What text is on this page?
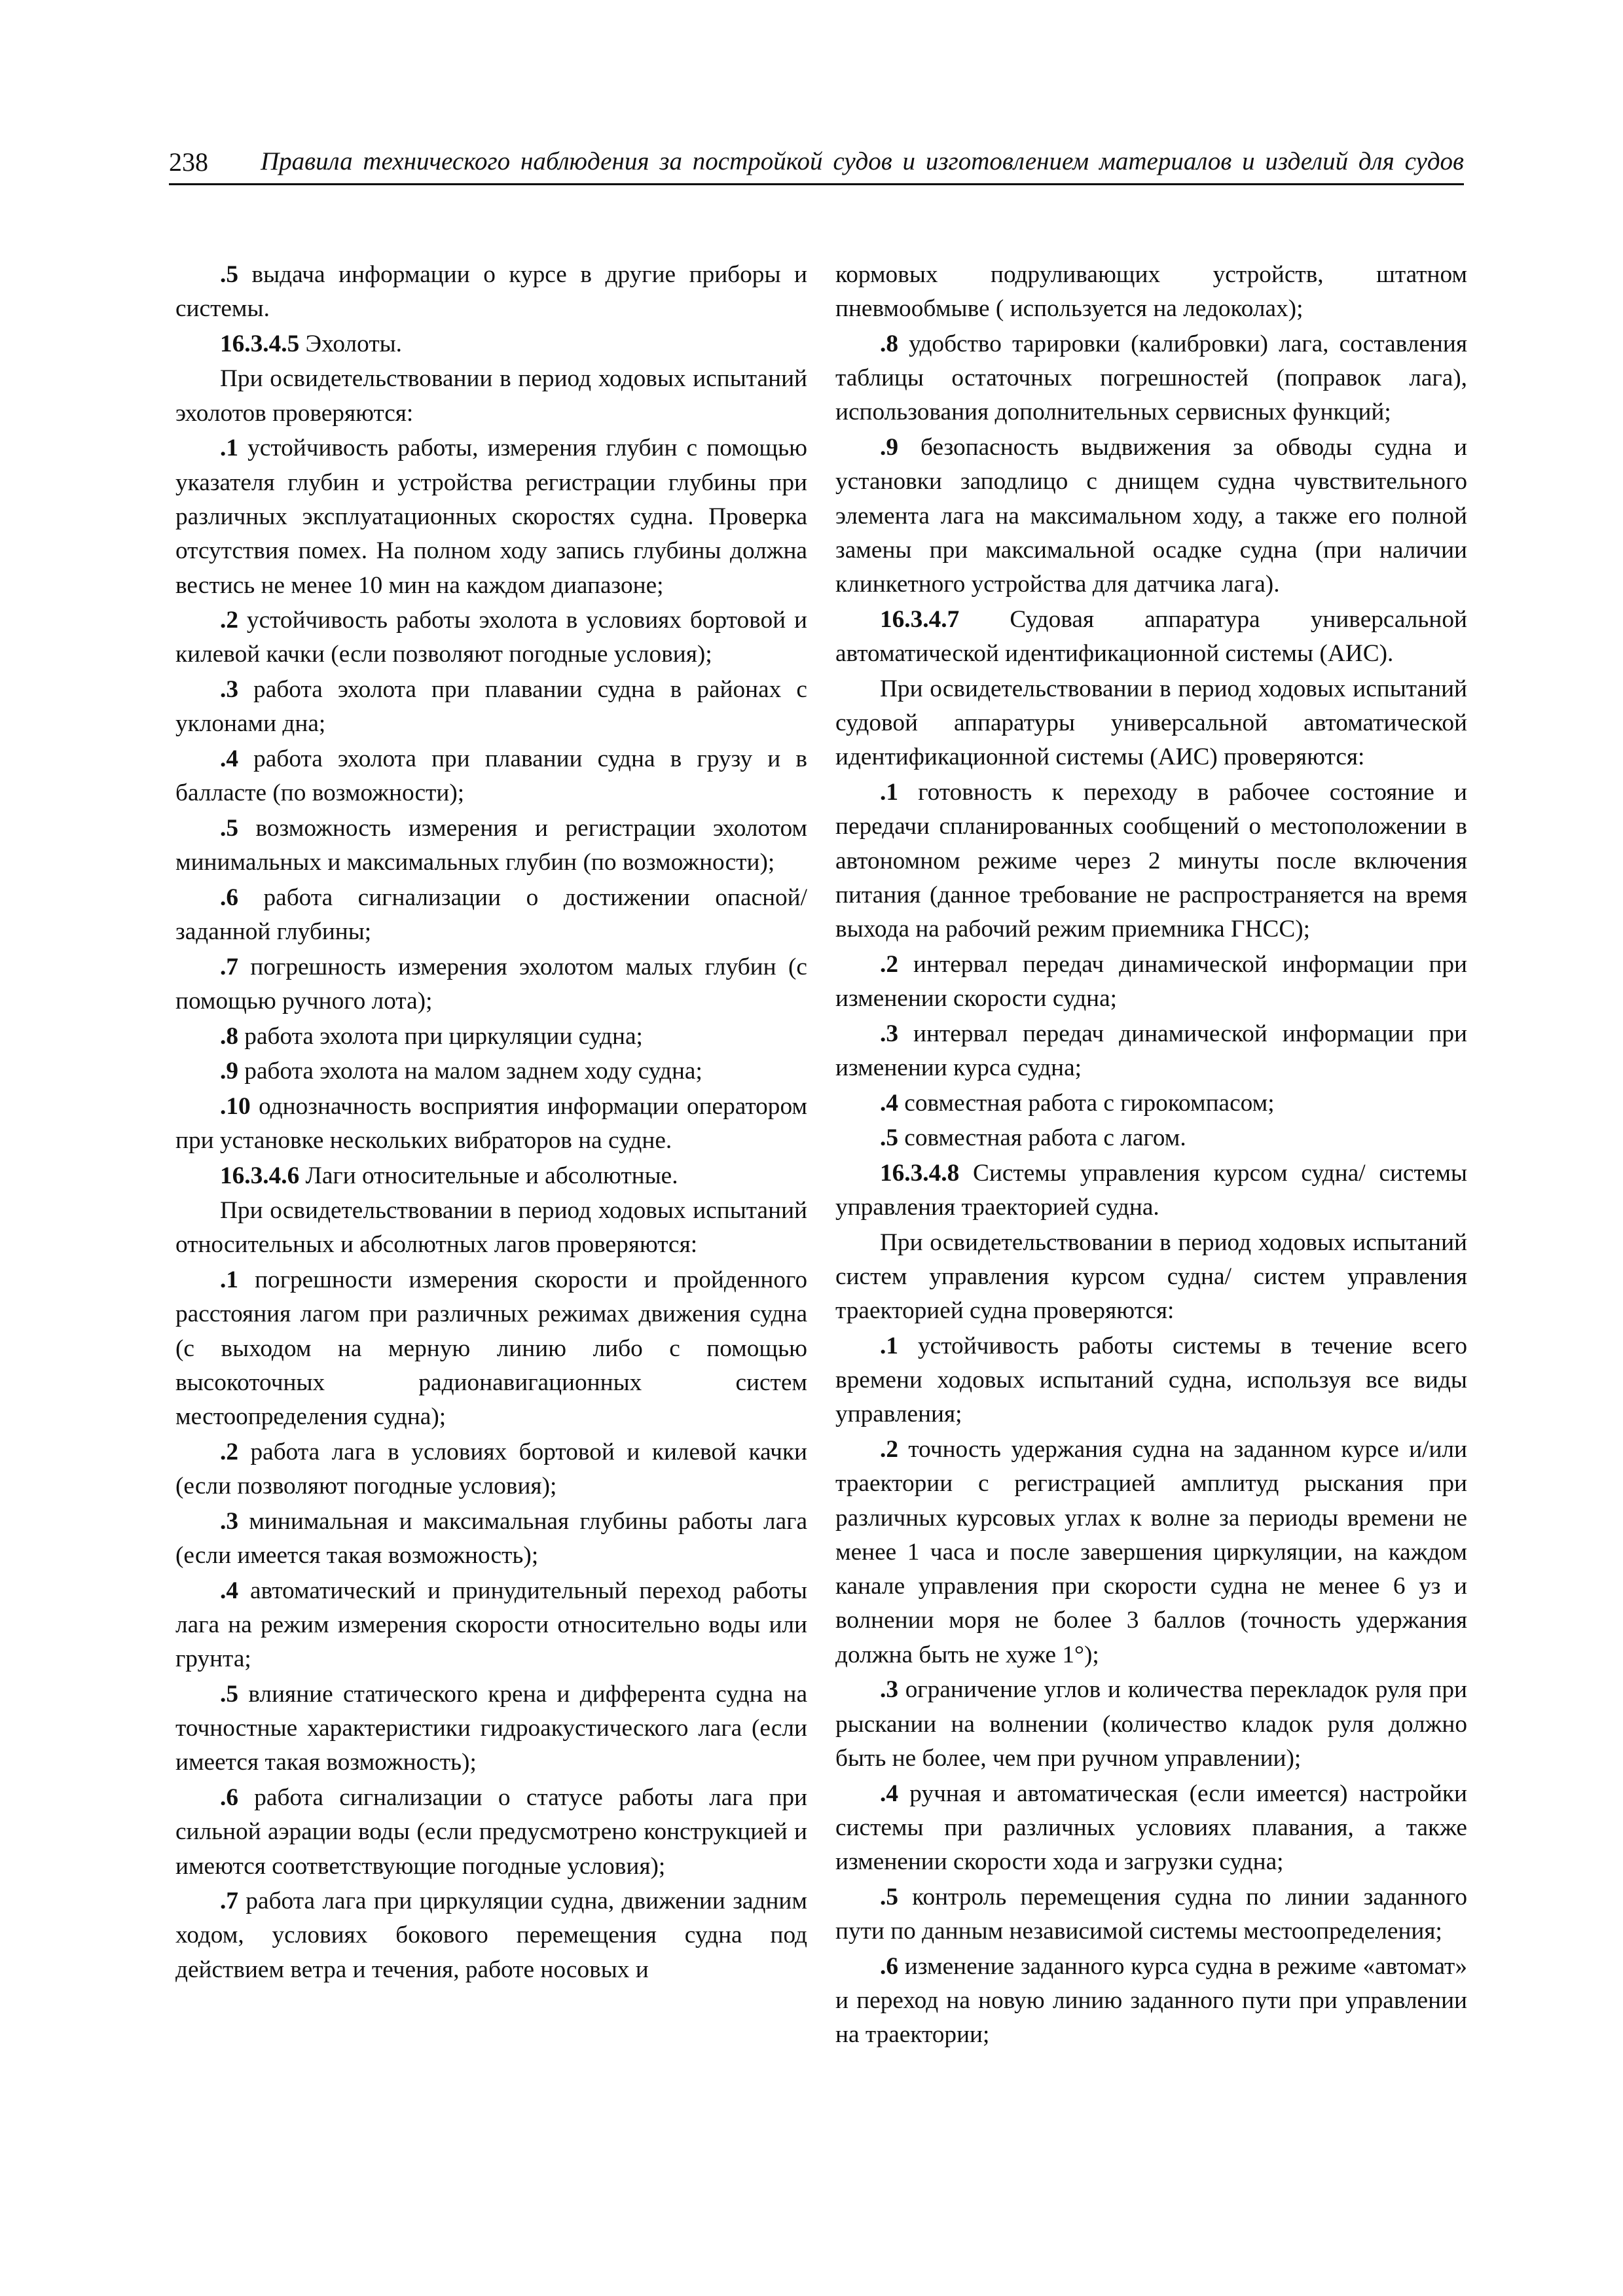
238 Правила технического наблюдения за постройкой судов и изготовлением материалов и изделий для судов

.5 выдача информации о курсе в другие приборы и системы.

16.3.4.5 Эхолоты.

При освидетельствовании в период ходовых испытаний эхолотов проверяются:

.1 устойчивость работы, измерения глубин с помощью указателя глубин и устройства регистрации глубины при различных эксплуатационных скоростях судна. Проверка отсутствия помех. На полном ходу запись глубины должна вестись не менее 10 мин на каждом диапазоне;

.2 устойчивость работы эхолота в условиях бортовой и килевой качки (если позволяют погодные условия);

.3 работа эхолота при плавании судна в районах с уклонами дна;

.4 работа эхолота при плавании судна в грузу и в балласте (по возможности);

.5 возможность измерения и регистрации эхолотом минимальных и максимальных глубин (по возможности);

.6 работа сигнализации о достижении опасной/ заданной глубины;

.7 погрешность измерения эхолотом малых глубин (с помощью ручного лота);

.8 работа эхолота при циркуляции судна;

.9 работа эхолота на малом заднем ходу судна;

.10 однозначность восприятия информации оператором при установке нескольких вибраторов на судне.

16.3.4.6 Лаги относительные и абсолютные.

При освидетельствовании в период ходовых испытаний относительных и абсолютных лагов проверяются:

.1 погрешности измерения скорости и пройденного расстояния лагом при различных режимах движения судна (с выходом на мерную линию либо с помощью высокоточных радионавигационных систем местоопределения судна);

.2 работа лага в условиях бортовой и килевой качки (если позволяют погодные условия);

.3 минимальная и максимальная глубины работы лага (если имеется такая возможность);

.4 автоматический и принудительный переход работы лага на режим измерения скорости относительно воды или грунта;

.5 влияние статического крена и дифферента судна на точностные характеристики гидроакустического лага (если имеется такая возможность);

.6 работа сигнализации о статусе работы лага при сильной аэрации воды (если предусмотрено конструкцией и имеются соответствующие погодные условия);

.7 работа лага при циркуляции судна, движении задним ходом, условиях бокового перемещения судна под действием ветра и течения, работе носовых и

кормовых подруливающих устройств, штатном пневмообмыве ( используется на ледоколах);

.8 удобство тарировки (калибровки) лага, составления таблицы остаточных погрешностей (поправок лага), использования дополнительных сервисных функций;

.9 безопасность выдвижения за обводы судна и установки заподлицо с днищем судна чувствительного элемента лага на максимальном ходу, а также его полной замены при максимальной осадке судна (при наличии клинкетного устройства для датчика лага).

16.3.4.7 Судовая аппаратура универсальной автоматической идентификационной системы (АИС).

При освидетельствовании в период ходовых испытаний судовой аппаратуры универсальной автоматической идентификационной системы (АИС) проверяются:

.1 готовность к переходу в рабочее состояние и передачи спланированных сообщений о местоположении в автономном режиме через 2 минуты после включения питания (данное требование не распространяется на время выхода на рабочий режим приемника ГНСС);

.2 интервал передач динамической информации при изменении скорости судна;

.3 интервал передач динамической информации при изменении курса судна;

.4 совместная работа с гирокомпасом;

.5 совместная работа с лагом.

16.3.4.8 Системы управления курсом судна/ системы управления траекторией судна.

При освидетельствовании в период ходовых испытаний систем управления курсом судна/ систем управления траекторией судна проверяются:

.1 устойчивость работы системы в течение всего времени ходовых испытаний судна, используя все виды управления;

.2 точность удержания судна на заданном курсе и/или траектории с регистрацией амплитуд рыскания при различных курсовых углах к волне за периоды времени не менее 1 часа и после завершения циркуляции, на каждом канале управления при скорости судна не менее 6 уз и волнении моря не более 3 баллов (точность удержания должна быть не хуже 1°);

.3 ограничение углов и количества перекладок руля при рыскании на волнении (количество кладок руля должно быть не более, чем при ручном управлении);

.4 ручная и автоматическая (если имеется) настройки системы при различных условиях плавания, а также изменении скорости хода и загрузки судна;

.5 контроль перемещения судна по линии заданного пути по данным независимой системы местоопределения;

.6 изменение заданного курса судна в режиме «автомат» и переход на новую линию заданного пути при управлении на траектории;
